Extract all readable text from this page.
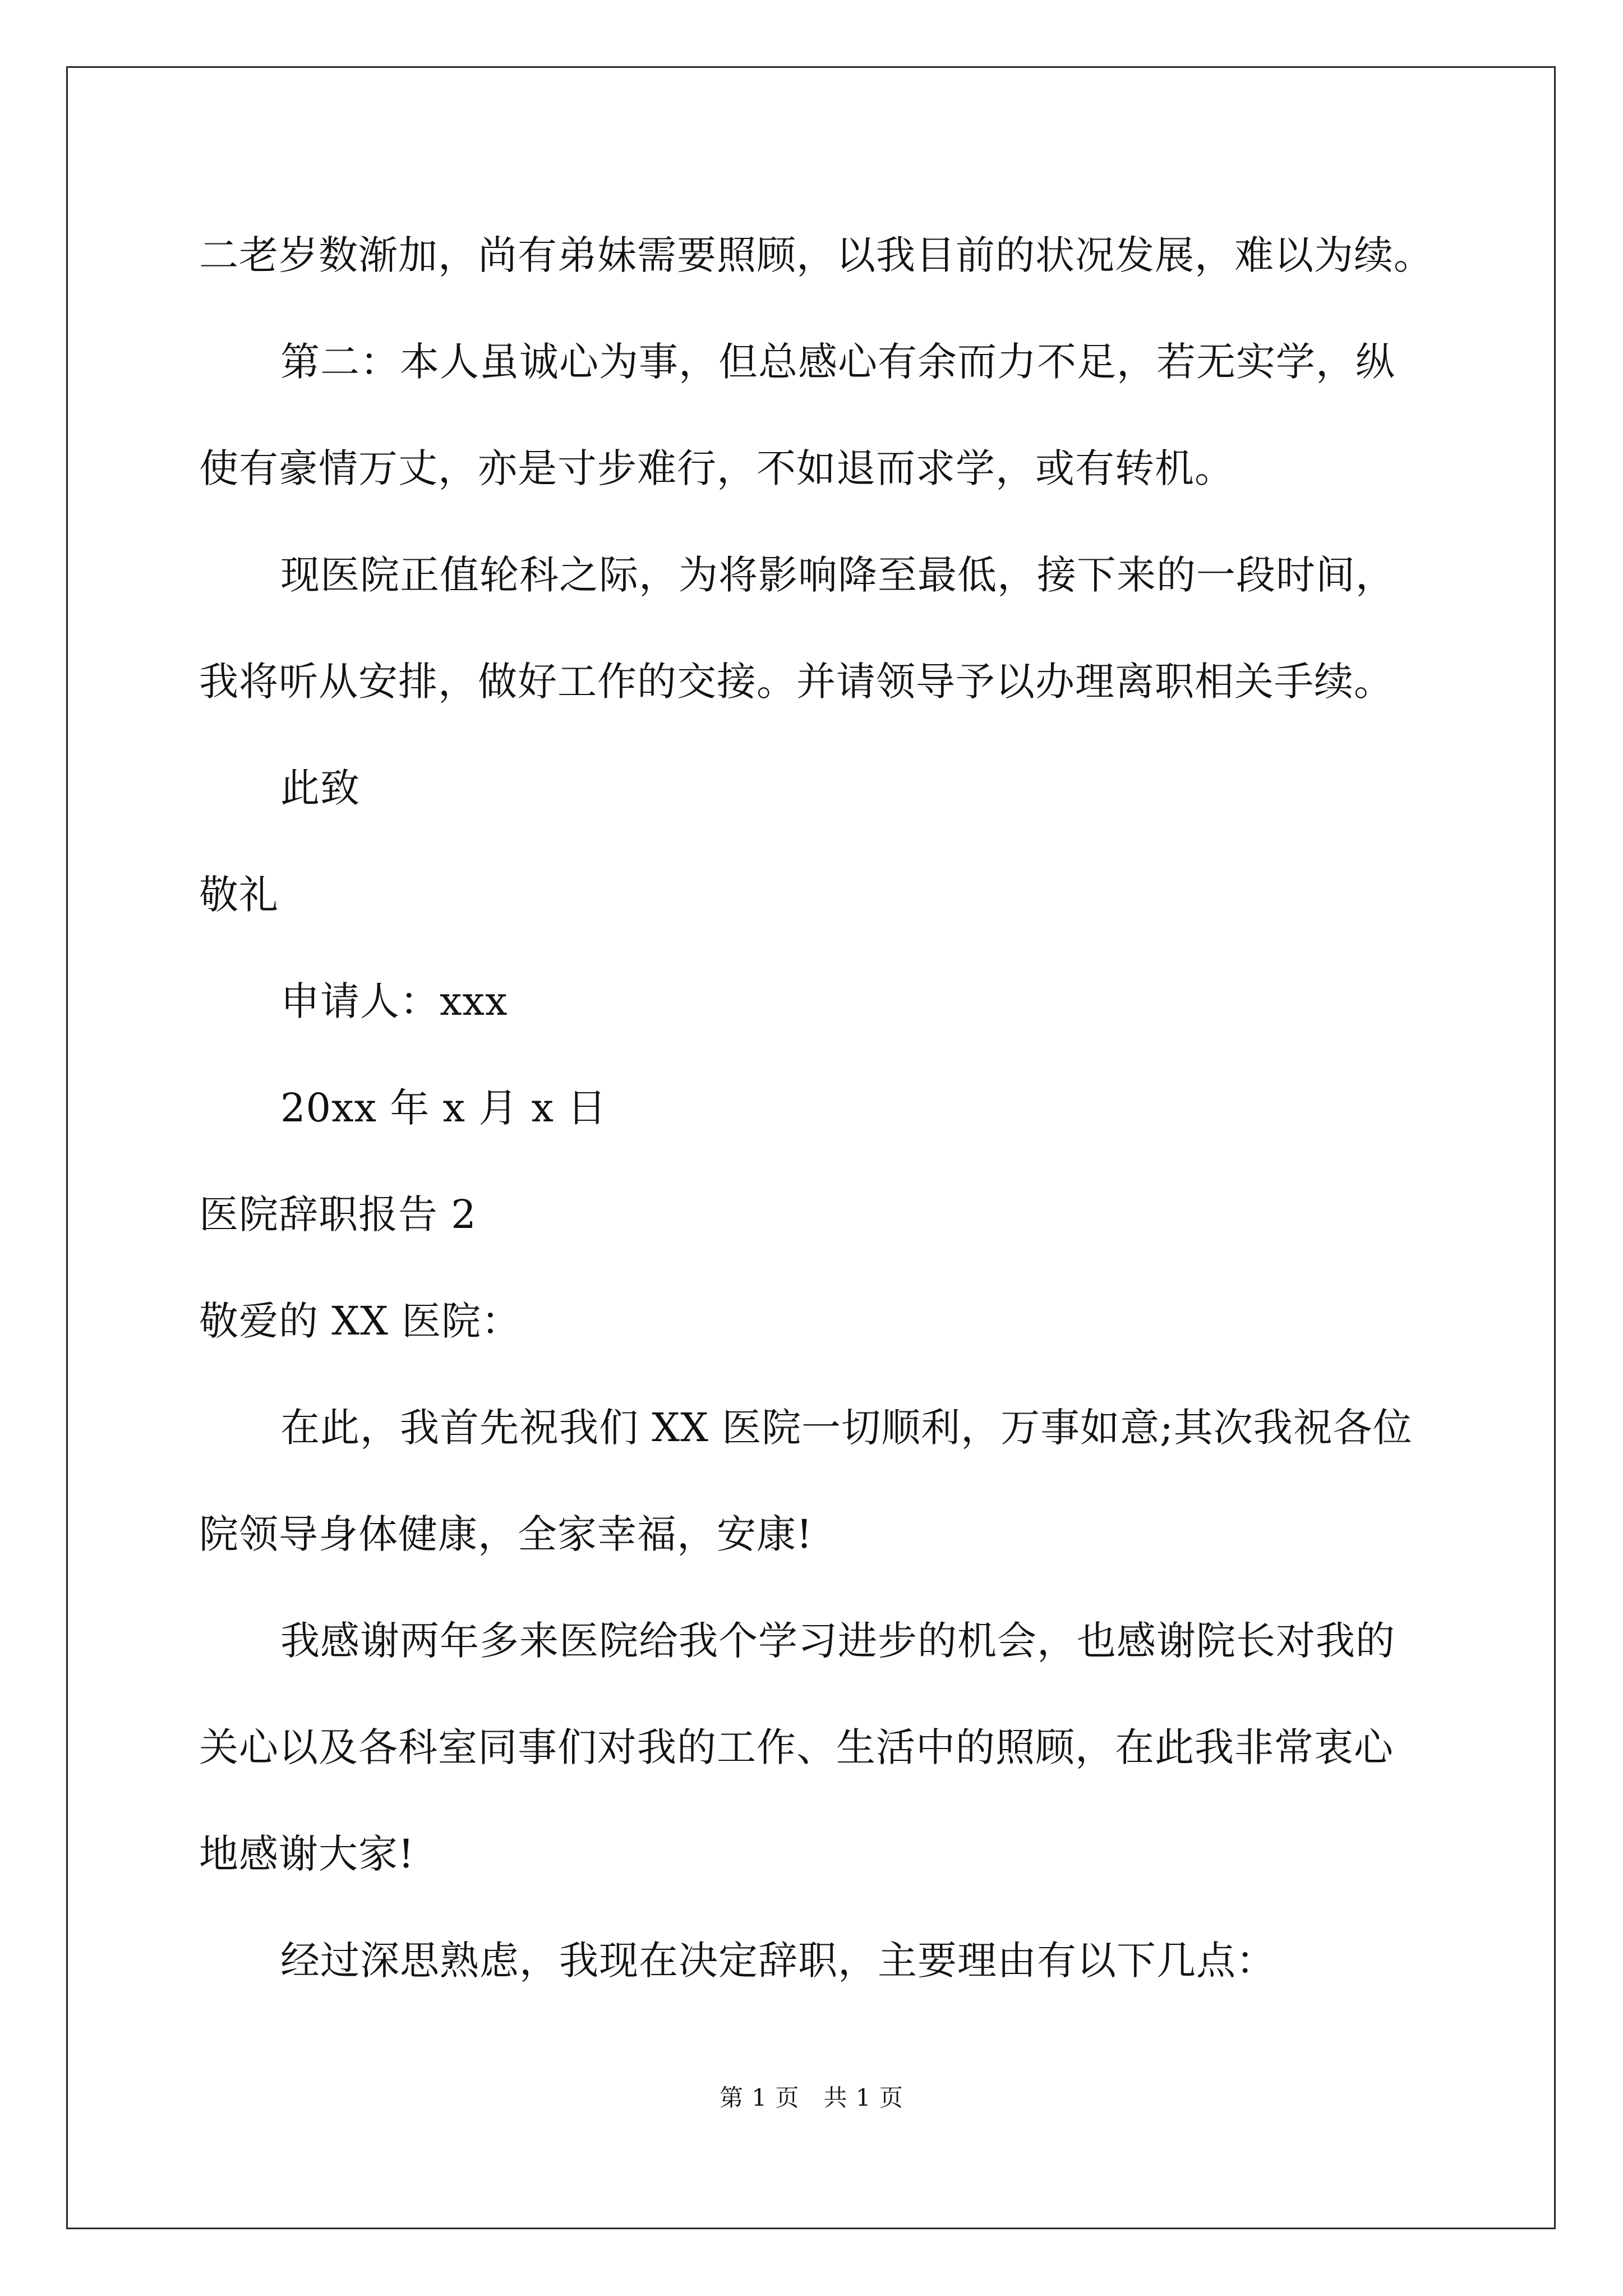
二老岁数渐加，尚有弟妹需要照顾，以我目前的状况发展，难以为续。
第二：本人虽诚心为事，但总感心有余而力不足，若无实学，纵
使有豪情万丈，亦是寸步难行，不如退而求学，或有转机。
现医院正值轮科之际，为将影响降至最低，接下来的一段时间，
我将听从安排，做好工作的交接。并请领导予以办理离职相关手续。
此致
敬礼
申请人：xxx
20xx 年 x 月 x 日
医院辞职报告 2
敬爱的 XX 医院：
在此，我首先祝我们 XX 医院一切顺利，万事如意;其次我祝各位
院领导身体健康，全家幸福，安康!
我感谢两年多来医院给我个学习进步的机会，也感谢院长对我的
关心以及各科室同事们对我的工作、生活中的照顾，在此我非常衷心
地感谢大家!
经过深思熟虑，我现在决定辞职，主要理由有以下几点：
第 1 页　共 1 页
